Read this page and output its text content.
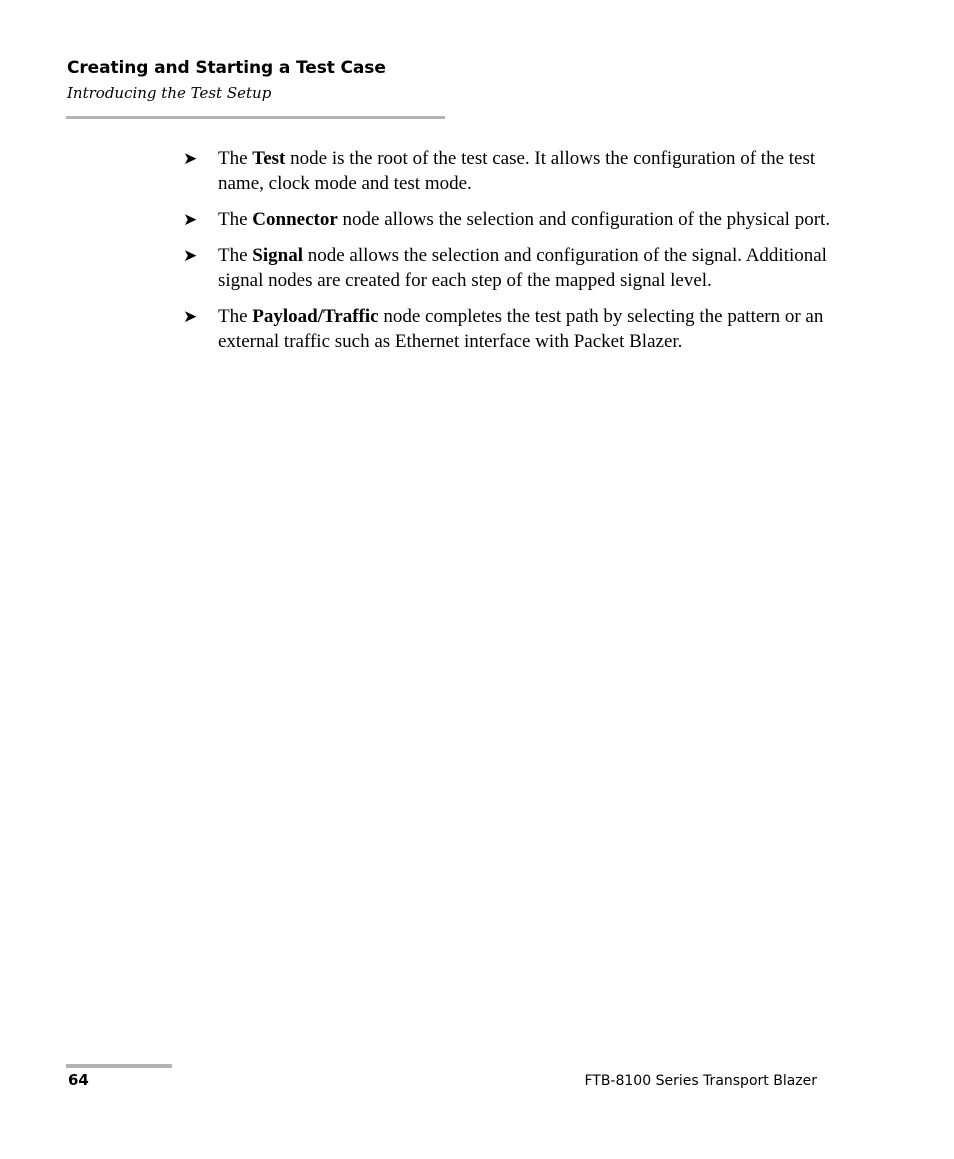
Creating and Starting a Test Case
Introducing the Test Setup
➤ The Test node is the root of the test case. It allows the configuration of the test name, clock mode and test mode.
➤ The Connector node allows the selection and configuration of the physical port.
➤ The Signal node allows the selection and configuration of the signal. Additional signal nodes are created for each step of the mapped signal level.
➤ The Payload/Traffic node completes the test path by selecting the pattern or an external traffic such as Ethernet interface with Packet Blazer.
64	FTB-8100 Series Transport Blazer
